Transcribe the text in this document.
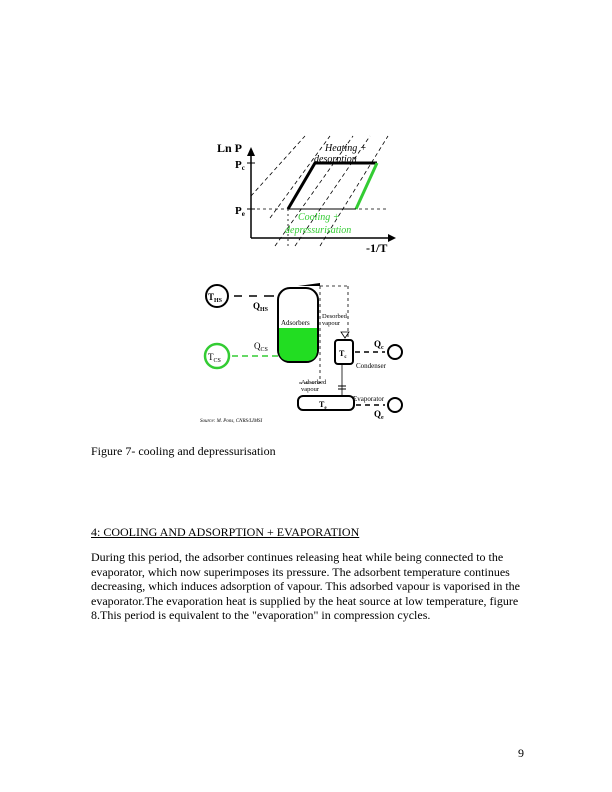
Ln P
Pc
Pe
-1/T
Heating +
desorption
Cooling +
depressurisation
$T_{HS}$	$Q_{HS}$
$T_{CS}$
$Q_{CS}$
Adsorbers
Desorbed
vapour
$T_c$
Condenser
$Q_c$
Adsorbed
vapour
$T_e$
Evaporator
$Q_e$
Source: M. Pons, CNRS/LIMSI
Figure 7- cooling and depressurisation
4: COOLING AND ADSORPTION + EVAPORATION
During this period, the adsorber continues releasing heat while being connected to the evaporator, which now superimposes its pressure. The adsorbent temperature continues decreasing, which induces adsorption of vapour. This adsorbed vapour is vaporised in the evaporator.The evaporation heat is supplied by the heat source at low temperature, figure 8.This period is equivalent to the "evaporation" in compression cycles.
9
